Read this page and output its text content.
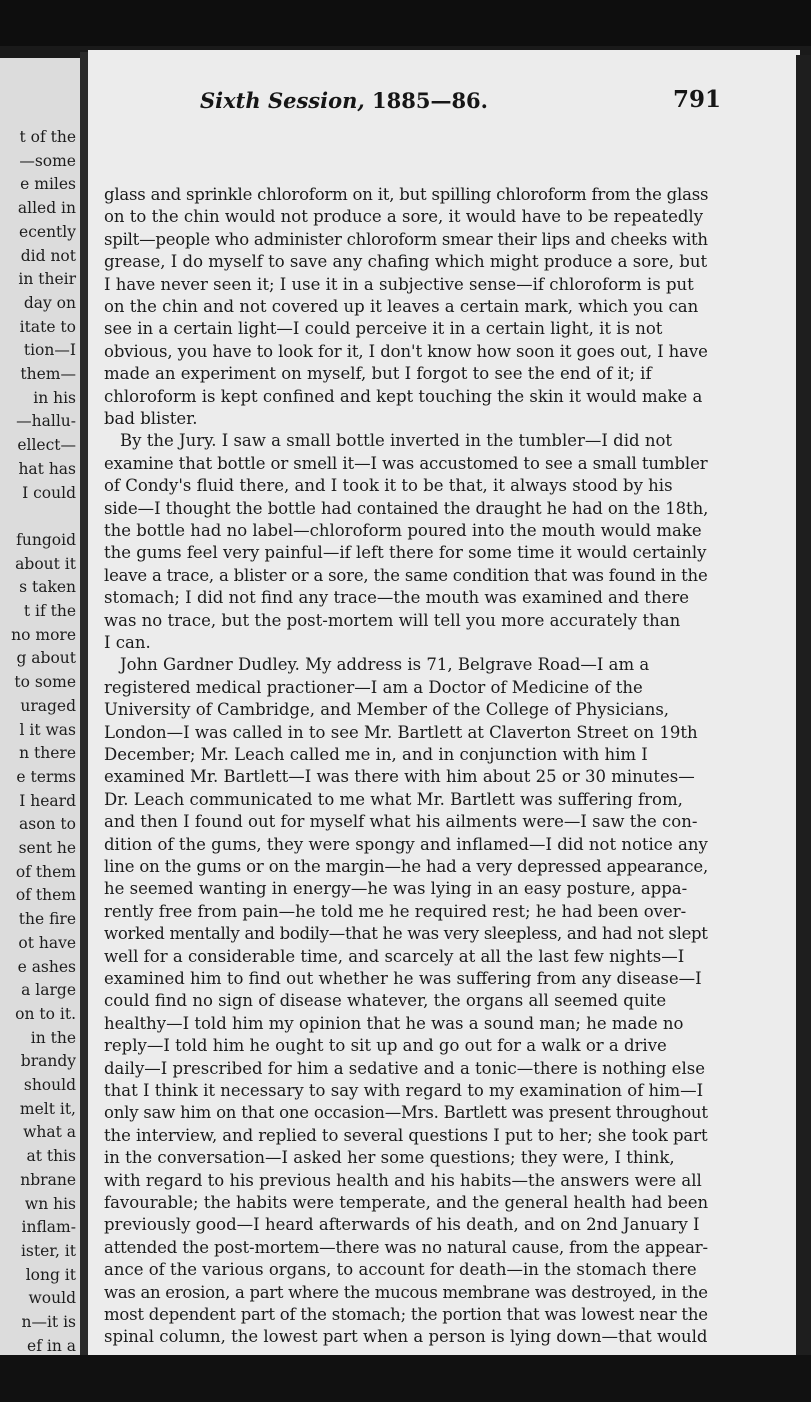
t of the
—some
e miles
alled in
ecently
did not
in their
day on
itate to
tion—I
them—
in his
—hallu-
ellect—
hat has
I could
fungoid
about it
s taken
t if the
no more
g about
to some
uraged
l it was
n there
e terms
I heard
ason to
sent he
of them
of them
the fire
ot have
e ashes
a large
on to it.
in the
brandy
should
melt it,
what a
at this
nbrane
wn his
inflam-
ister, it
long it
would
n—it is
ef in a
Sixth Session, 1885—86.	791
glass and sprinkle chloroform on it, but spilling chloroform from the glass
on to the chin would not produce a sore, it would have to be repeatedly
spilt—people who administer chloroform smear their lips and cheeks with
grease, I do myself to save any chafing which might produce a sore, but
I have never seen it; I use it in a subjective sense—if chloroform is put
on the chin and not covered up it leaves a certain mark, which you can
see in a certain light—I could perceive it in a certain light, it is not
obvious, you have to look for it, I don't know how soon it goes out, I have
made an experiment on myself, but I forgot to see the end of it; if
chloroform is kept confined and kept touching the skin it would make a
bad blister.
By the Jury. I saw a small bottle inverted in the tumbler—I did not
examine that bottle or smell it—I was accustomed to see a small tumbler
of Condy's fluid there, and I took it to be that, it always stood by his
side—I thought the bottle had contained the draught he had on the 18th,
the bottle had no label—chloroform poured into the mouth would make
the gums feel very painful—if left there for some time it would certainly
leave a trace, a blister or a sore, the same condition that was found in the
stomach; I did not find any trace—the mouth was examined and there
was no trace, but the post-mortem will tell you more accurately than
I can.
John Gardner Dudley. My address is 71, Belgrave Road—I am a
registered medical practioner—I am a Doctor of Medicine of the
University of Cambridge, and Member of the College of Physicians,
London—I was called in to see Mr. Bartlett at Claverton Street on 19th
December; Mr. Leach called me in, and in conjunction with him I
examined Mr. Bartlett—I was there with him about 25 or 30 minutes—
Dr. Leach communicated to me what Mr. Bartlett was suffering from,
and then I found out for myself what his ailments were—I saw the con-
dition of the gums, they were spongy and inflamed—I did not notice any
line on the gums or on the margin—he had a very depressed appearance,
he seemed wanting in energy—he was lying in an easy posture, appa-
rently free from pain—he told me he required rest; he had been over-
worked mentally and bodily—that he was very sleepless, and had not slept
well for a considerable time, and scarcely at all the last few nights—I
examined him to find out whether he was suffering from any disease—I
could find no sign of disease whatever, the organs all seemed quite
healthy—I told him my opinion that he was a sound man; he made no
reply—I told him he ought to sit up and go out for a walk or a drive
daily—I prescribed for him a sedative and a tonic—there is nothing else
that I think it necessary to say with regard to my examination of him—I
only saw him on that one occasion—Mrs. Bartlett was present throughout
the interview, and replied to several questions I put to her; she took part
in the conversation—I asked her some questions; they were, I think,
with regard to his previous health and his habits—the answers were all
favourable; the habits were temperate, and the general health had been
previously good—I heard afterwards of his death, and on 2nd January I
attended the post-mortem—there was no natural cause, from the appear-
ance of the various organs, to account for death—in the stomach there
was an erosion, a part where the mucous membrane was destroyed, in the
most dependent part of the stomach; the portion that was lowest near the
spinal column, the lowest part when a person is lying down—that would
